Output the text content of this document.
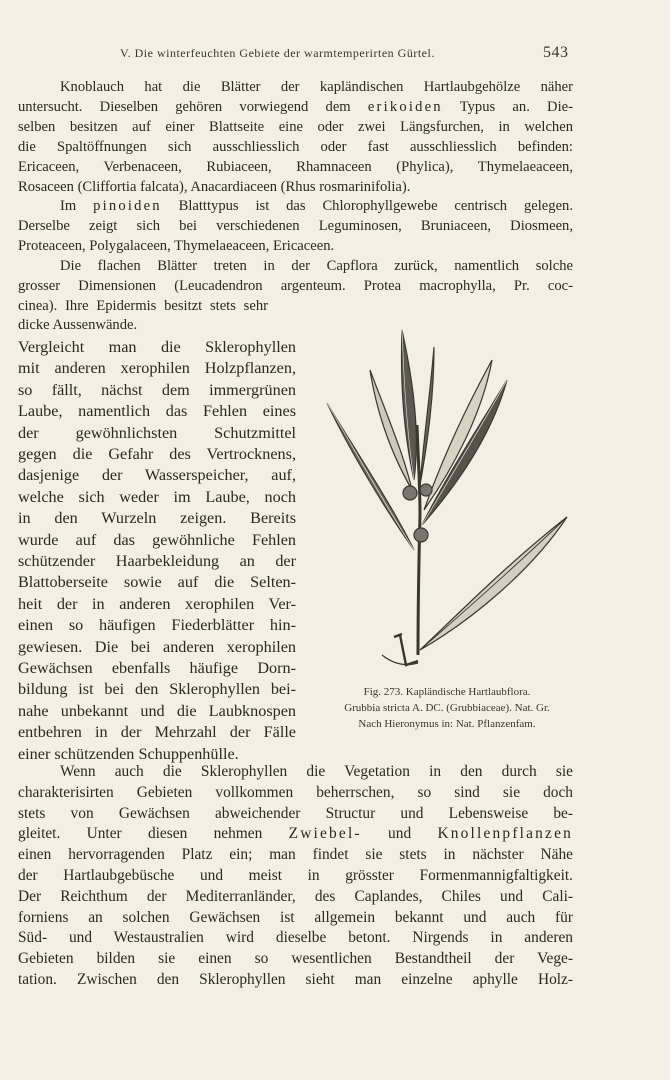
V. Die winterfeuchten Gebiete der warmtemperirten Gürtel.	543
Knoblauch hat die Blätter der kapländischen Hartlaubgehölze näher
untersucht. Dieselben gehören vorwiegend dem erikoiden Typus an. Die-
selben besitzen auf einer Blattseite eine oder zwei Längsfurchen, in welchen
die Spaltöffnungen sich ausschliesslich oder fast ausschliesslich befinden:
Ericaceen, Verbenaceen, Rubiaceen, Rhamnaceen (Phylica), Thymelaeaceen,
Rosaceen (Cliffortia falcata), Anacardiaceen (Rhus rosmarinifolia).
Im pinoiden Blatttypus ist das Chlorophyllgewebe centrisch gelegen.
Derselbe zeigt sich bei verschiedenen Leguminosen, Bruniaceen, Diosmeen,
Proteaceen, Polygalaceen, Thymelaeaceen, Ericaceen.
Die flachen Blätter treten in der Capflora zurück, namentlich solche
grosser Dimensionen (Leucadendron argenteum. Protea macrophylla, Pr. coc-
cinea). Ihre Epidermis besitzt stets sehr
dicke Aussenwände.
Vergleicht man die Sklerophyllen
mit anderen xerophilen Holzpflanzen,
so fällt, nächst dem immergrünen
Laube, namentlich das Fehlen eines
der gewöhnlichsten Schutzmittel
gegen die Gefahr des Vertrocknens,
dasjenige der Wasserspeicher, auf,
welche sich weder im Laube, noch
in den Wurzeln zeigen. Bereits
wurde auf das gewöhnliche Fehlen
schützender Haarbekleidung an der
Blattoberseite sowie auf die Selten-
heit der in anderen xerophilen Ver-
einen so häufigen Fiederblätter hin-
gewiesen. Die bei anderen xerophilen
Gewächsen ebenfalls häufige Dorn-
bildung ist bei den Sklerophyllen bei-
nahe unbekannt und die Laubknospen
entbehren in der Mehrzahl der Fälle
einer schützenden Schuppenhülle.
Fig. 273. Kapländische Hartlaubflora.
Grubbia stricta A. DC. (Grubbiaceae). Nat. Gr.
Nach Hieronymus in: Nat. Pflanzenfam.
Wenn auch die Sklerophyllen die Vegetation in den durch sie
charakterisirten Gebieten vollkommen beherrschen, so sind sie doch
stets von Gewächsen abweichender Structur und Lebensweise be-
gleitet. Unter diesen nehmen Zwiebel- und Knollenpflanzen
einen hervorragenden Platz ein; man findet sie stets in nächster Nähe
der Hartlaubgebüsche und meist in grösster Formenmannigfaltigkeit.
Der Reichthum der Mediterranländer, des Caplandes, Chiles und Cali-
forniens an solchen Gewächsen ist allgemein bekannt und auch für
Süd- und Westaustralien wird dieselbe betont. Nirgends in anderen
Gebieten bilden sie einen so wesentlichen Bestandtheil der Vege-
tation. Zwischen den Sklerophyllen sieht man einzelne aphylle Holz-
